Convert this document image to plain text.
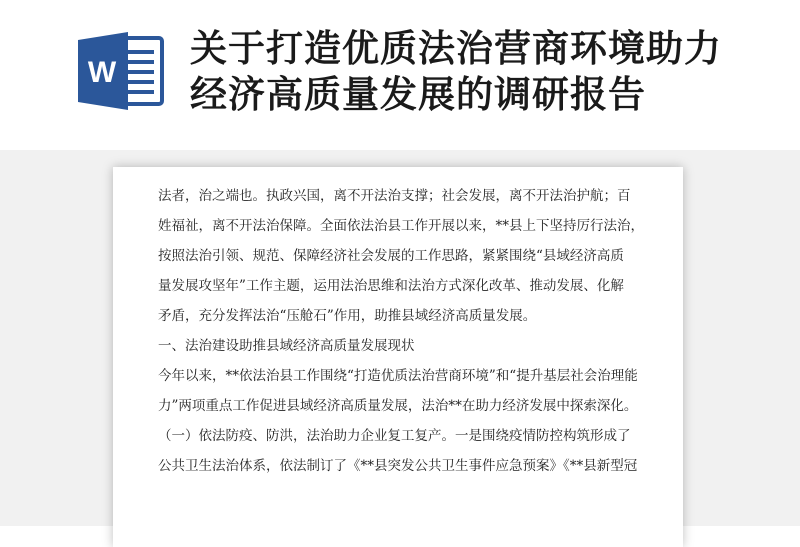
W
关于打造优质法治营商环境助力
经济高质量发展的调研报告

法者，治之端也。执政兴国，离不开法治支撑；社会发展，离不开法治护航；百

姓福祉，离不开法治保障。全面依法治县工作开展以来，**县上下坚持厉行法治，

按照法治引领、规范、保障经济社会发展的工作思路，紧紧围绕“县域经济高质

量发展攻坚年”工作主题，运用法治思维和法治方式深化改革、推动发展、化解

矛盾，充分发挥法治“压舱石”作用，助推县域经济高质量发展。

一、法治建设助推县域经济高质量发展现状

今年以来，**依法治县工作围绕“打造优质法治营商环境”和“提升基层社会治理能

力”两项重点工作促进县域经济高质量发展，法治**在助力经济发展中探索深化。

（一）依法防疫、防洪，法治助力企业复工复产。一是围绕疫情防控构筑形成了

公共卫生法治体系，依法制订了《**县突发公共卫生事件应急预案》《**县新型冠
